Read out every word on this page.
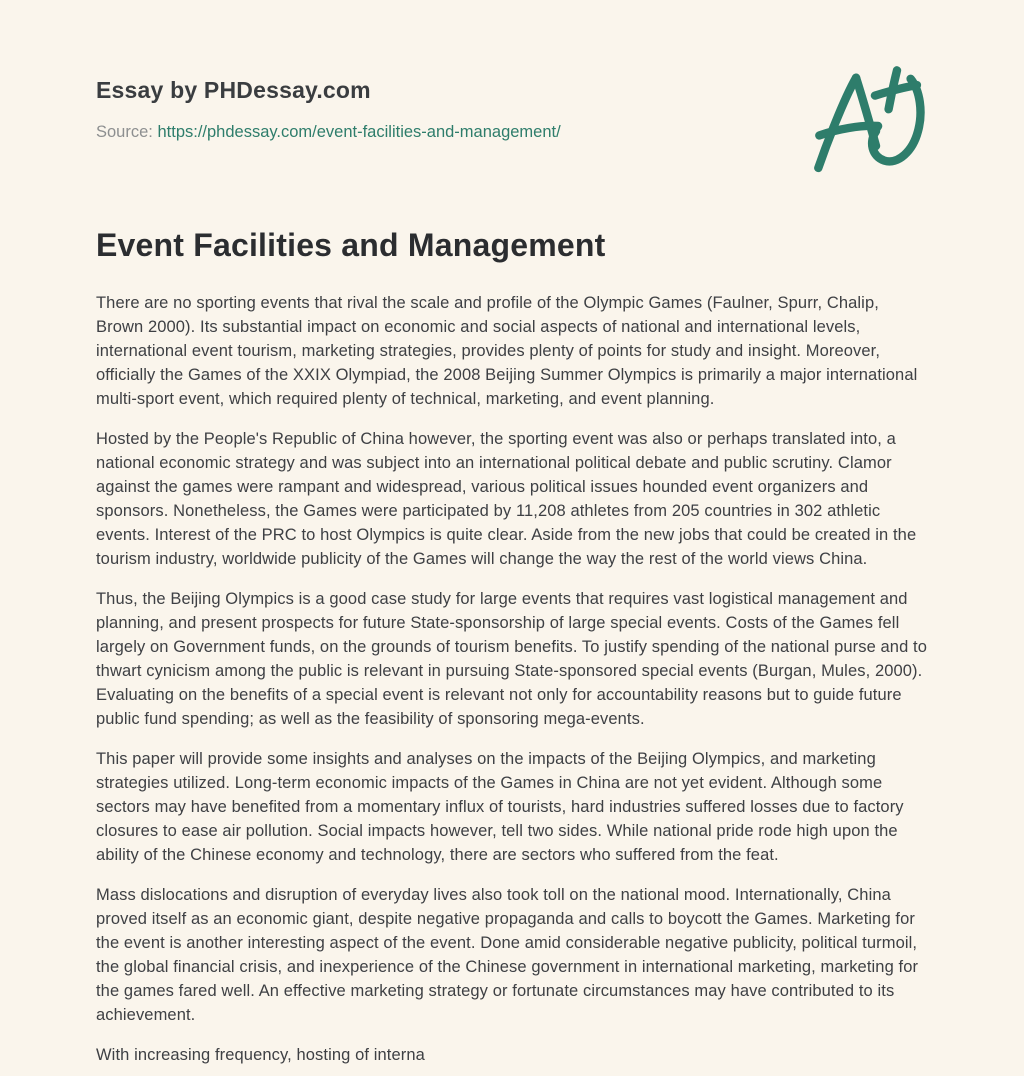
Essay by PHDessay.com
Source: https://phdessay.com/event-facilities-and-management/
Event Facilities and Management

There are no sporting events that rival the scale and profile of the Olympic Games (Faulner, Spurr, Chalip, Brown 2000). Its substantial impact on economic and social aspects of national and international levels, international event tourism, marketing strategies, provides plenty of points for study and insight. Moreover, officially the Games of the XXIX Olympiad, the 2008 Beijing Summer Olympics is primarily a major international multi-sport event, which required plenty of technical, marketing, and event planning.

Hosted by the People's Republic of China however, the sporting event was also or perhaps translated into, a national economic strategy and was subject into an international political debate and public scrutiny. Clamor against the games were rampant and widespread, various political issues hounded event organizers and sponsors. Nonetheless, the Games were participated by 11,208 athletes from 205 countries in 302 athletic events. Interest of the PRC to host Olympics is quite clear. Aside from the new jobs that could be created in the tourism industry, worldwide publicity of the Games will change the way the rest of the world views China.

Thus, the Beijing Olympics is a good case study for large events that requires vast logistical management and planning, and present prospects for future State-sponsorship of large special events. Costs of the Games fell largely on Government funds, on the grounds of tourism benefits. To justify spending of the national purse and to thwart cynicism among the public is relevant in pursuing State-sponsored special events (Burgan, Mules, 2000). Evaluating on the benefits of a special event is relevant not only for accountability reasons but to guide future public fund spending; as well as the feasibility of sponsoring mega-events.

This paper will provide some insights and analyses on the impacts of the Beijing Olympics, and marketing strategies utilized. Long-term economic impacts of the Games in China are not yet evident. Although some sectors may have benefited from a momentary influx of tourists, hard industries suffered losses due to factory closures to ease air pollution. Social impacts however, tell two sides. While national pride rode high upon the ability of the Chinese economy and technology, there are sectors who suffered from the feat.

Mass dislocations and disruption of everyday lives also took toll on the national mood. Internationally, China proved itself as an economic giant, despite negative propaganda and calls to boycott the Games. Marketing for the event is another interesting aspect of the event. Done amid considerable negative publicity, political turmoil, the global financial crisis, and inexperience of the Chinese government in international marketing, marketing for the games fared well. An effective marketing strategy or fortunate circumstances may have contributed to its achievement.

With increasing frequency, hosting of interna
